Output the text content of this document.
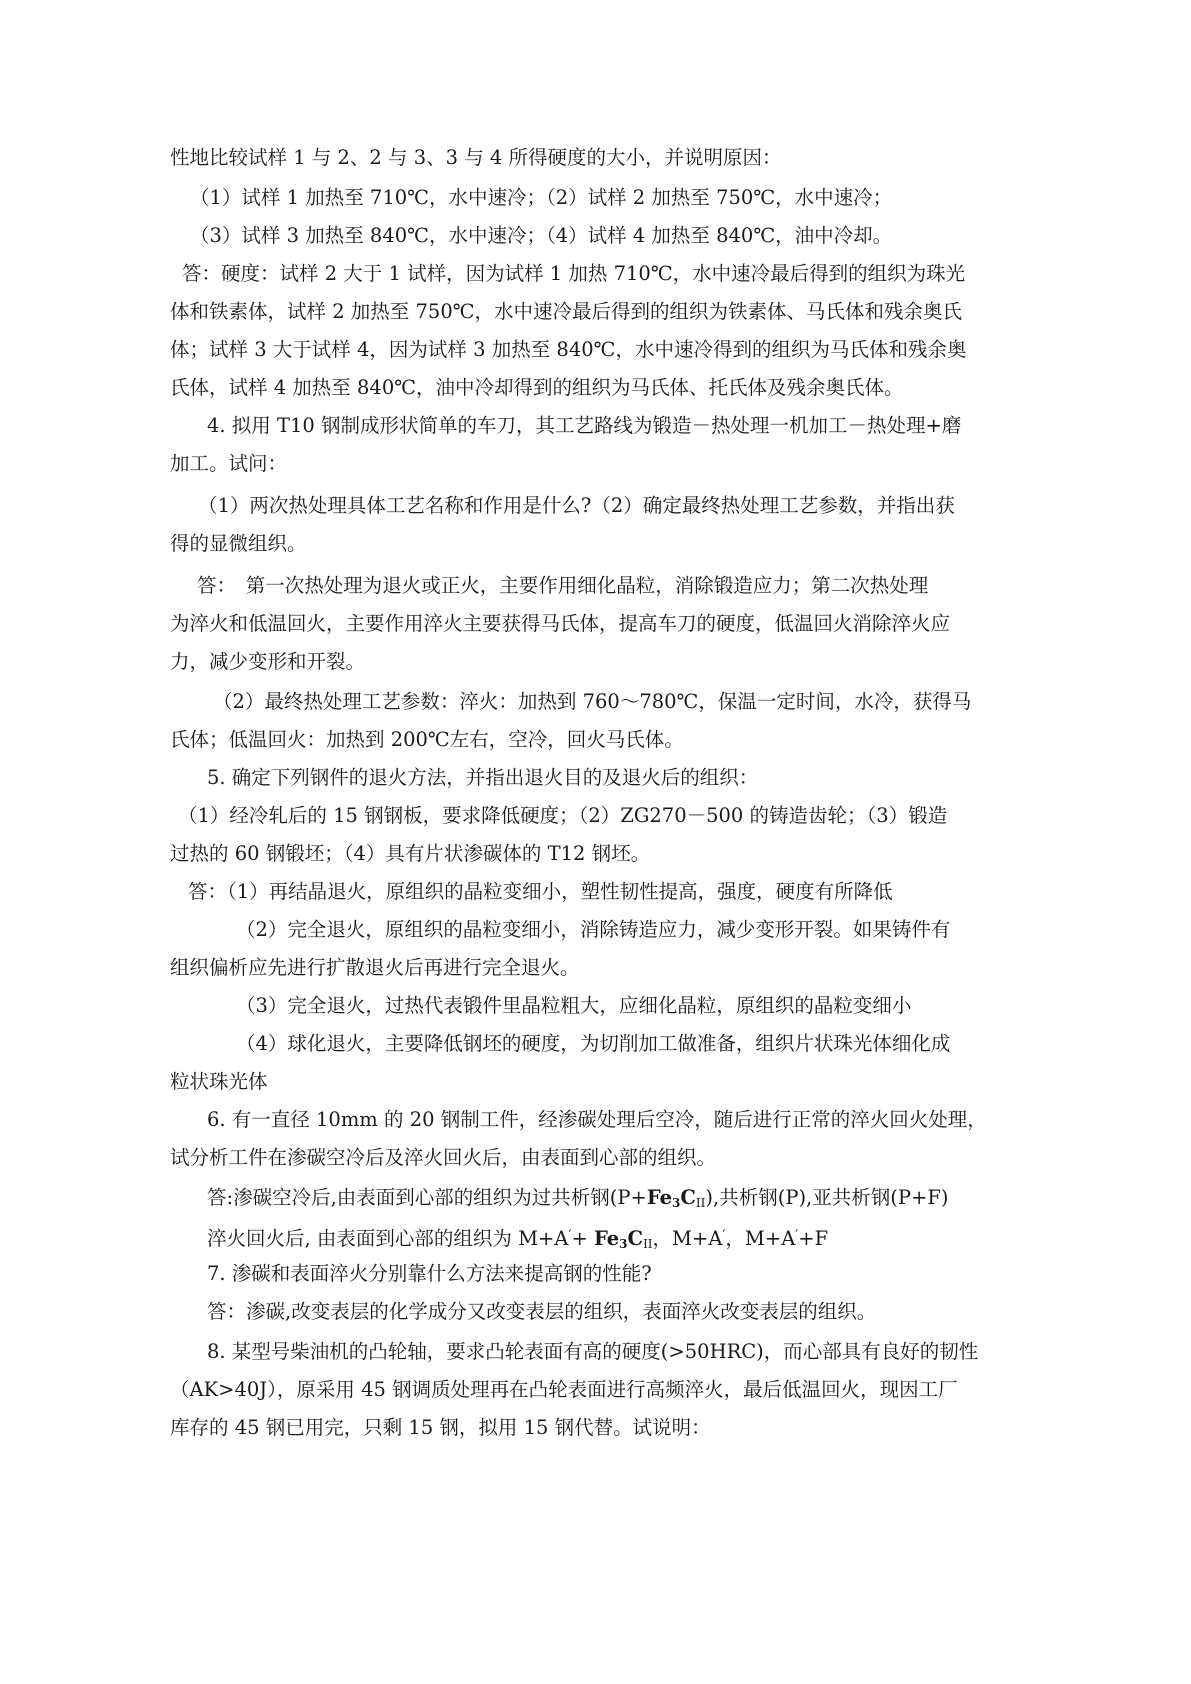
性地比较试样 1 与 2、2 与 3、3 与 4 所得硬度的大小，并说明原因：
（1）试样 1 加热至 710℃，水中速冷；（2）试样 2 加热至 750℃，水中速冷；
（3）试样 3 加热至 840℃，水中速冷；（4）试样 4 加热至 840℃，油中冷却。
答：硬度：试样 2 大于 1 试样，因为试样 1 加热 710℃，水中速冷最后得到的组织为珠光
体和铁素体，试样 2 加热至 750℃，水中速冷最后得到的组织为铁素体、马氏体和残余奥氏
体；试样 3 大于试样 4，因为试样 3 加热至 840℃，水中速冷得到的组织为马氏体和残余奥
氏体，试样 4 加热至 840℃，油中冷却得到的组织为马氏体、托氏体及残余奥氏体。
4. 拟用 T10 钢制成形状简单的车刀，其工艺路线为锻造－热处理一机加工－热处理+磨
加工。试问：
（1）两次热处理具体工艺名称和作用是什么?（2）确定最终热处理工艺参数，并指出获
得的显微组织。
答：　第一次热处理为退火或正火，主要作用细化晶粒，消除锻造应力；第二次热处理
为淬火和低温回火，主要作用淬火主要获得马氏体，提高车刀的硬度，低温回火消除淬火应
力，减少变形和开裂。
（2）最终热处理工艺参数：淬火：加热到 760～780℃，保温一定时间，水冷，获得马
氏体；低温回火：加热到 200℃左右，空冷，回火马氏体。
5. 确定下列钢件的退火方法，并指出退火目的及退火后的组织：
（1）经冷轧后的 15 钢钢板，要求降低硬度；（2）ZG270－500 的铸造齿轮；（3）锻造
过热的 60 钢锻坯；（4）具有片状渗碳体的 T12 钢坯。
答：（1）再结晶退火，原组织的晶粒变细小，塑性韧性提高，强度，硬度有所降低
（2）完全退火，原组织的晶粒变细小，消除铸造应力，减少变形开裂。如果铸件有
组织偏析应先进行扩散退火后再进行完全退火。
（3）完全退火，过热代表锻件里晶粒粗大，应细化晶粒，原组织的晶粒变细小
（4）球化退火，主要降低钢坯的硬度，为切削加工做准备，组织片状珠光体细化成
粒状珠光体
6. 有一直径 10mm 的 20 钢制工件，经渗碳处理后空冷，随后进行正常的淬火回火处理，
试分析工件在渗碳空冷后及淬火回火后，由表面到心部的组织。
答:渗碳空冷后,由表面到心部的组织为过共析钢$(P+Fe_3C_{II})$,共析钢(P),亚共析钢(P+F)
淬火回火后, 由表面到心部的组织为 $M+A'+ Fe_3C_{II}$，M+A′，M+A′+F
7. 渗碳和表面淬火分别靠什么方法来提高钢的性能?
答：渗碳,改变表层的化学成分又改变表层的组织，表面淬火改变表层的组织。
8. 某型号柴油机的凸轮轴，要求凸轮表面有高的硬度(>50HRC)，而心部具有良好的韧性
（AK>40J），原采用 45 钢调质处理再在凸轮表面进行高频淬火，最后低温回火，现因工厂
库存的 45 钢已用完，只剩 15 钢，拟用 15 钢代替。试说明：
